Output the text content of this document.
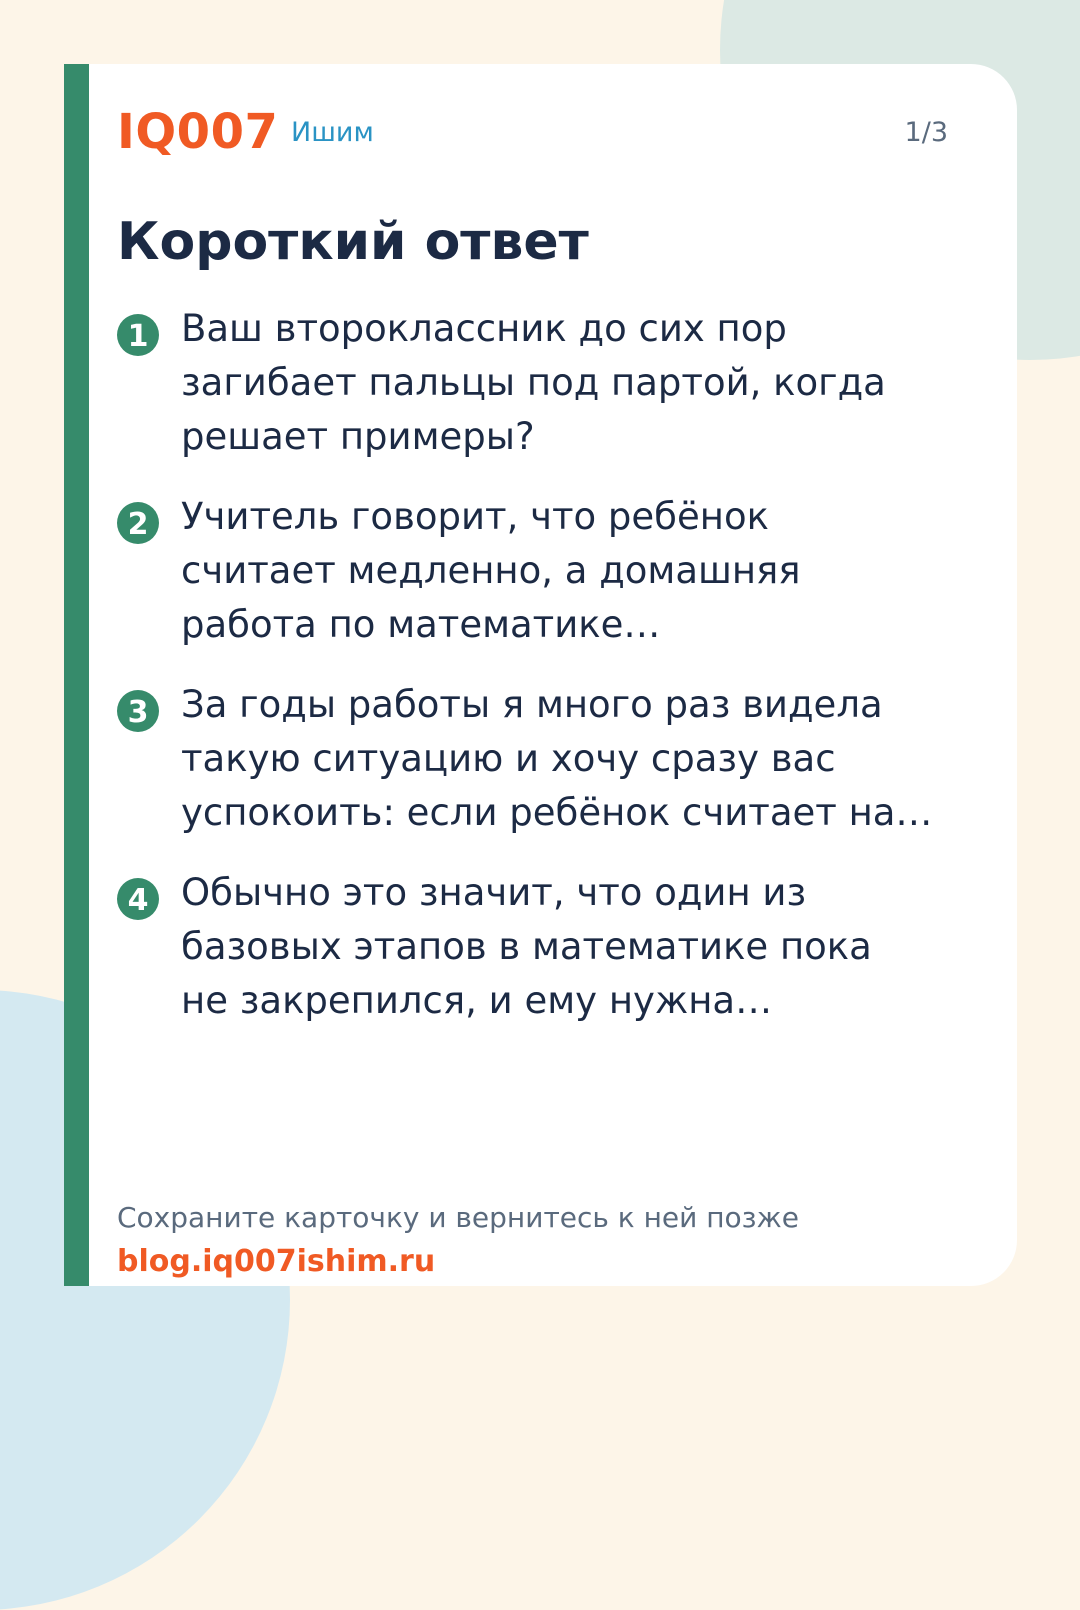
IQ007 Ишим	1/3
Короткий ответ
1 Ваш второклассник до сих пор
загибает пальцы под партой, когда
решает примеры?
2 Учитель говорит, что ребёнок
считает медленно, а домашняя
работа по математике…
3 За годы работы я много раз видела
такую ситуацию и хочу сразу вас
успокоить: если ребёнок считает на…
4 Обычно это значит, что один из
базовых этапов в математике пока
не закрепился, и ему нужна…
Сохраните карточку и вернитесь к ней позже
blog.iq007ishim.ru
